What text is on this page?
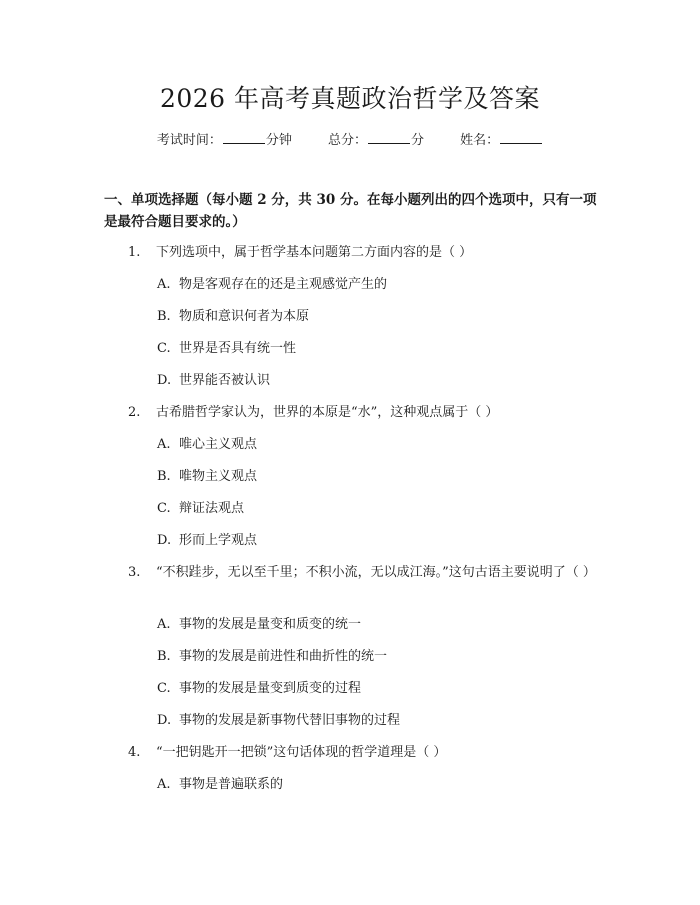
2026 年高考真题政治哲学及答案
考试时间：	分钟	总分：	分	姓名：
一、单项选择题（每小题 2 分，共 30 分。在每小题列出的四个选项中，只有一项是最符合题目要求的。）
1. 下列选项中，属于哲学基本问题第二方面内容的是（ ）
A. 物是客观存在的还是主观感觉产生的
B. 物质和意识何者为本原
C. 世界是否具有统一性
D. 世界能否被认识
2. 古希腊哲学家认为，世界的本原是“水”，这种观点属于（ ）
A. 唯心主义观点
B. 唯物主义观点
C. 辩证法观点
D. 形而上学观点
3. “不积跬步，无以至千里；不积小流，无以成江海。”这句古语主要说明了（ ）
A. 事物的发展是量变和质变的统一
B. 事物的发展是前进性和曲折性的统一
C. 事物的发展是量变到质变的过程
D. 事物的发展是新事物代替旧事物的过程
4. “一把钥匙开一把锁”这句话体现的哲学道理是（ ）
A. 事物是普遍联系的
